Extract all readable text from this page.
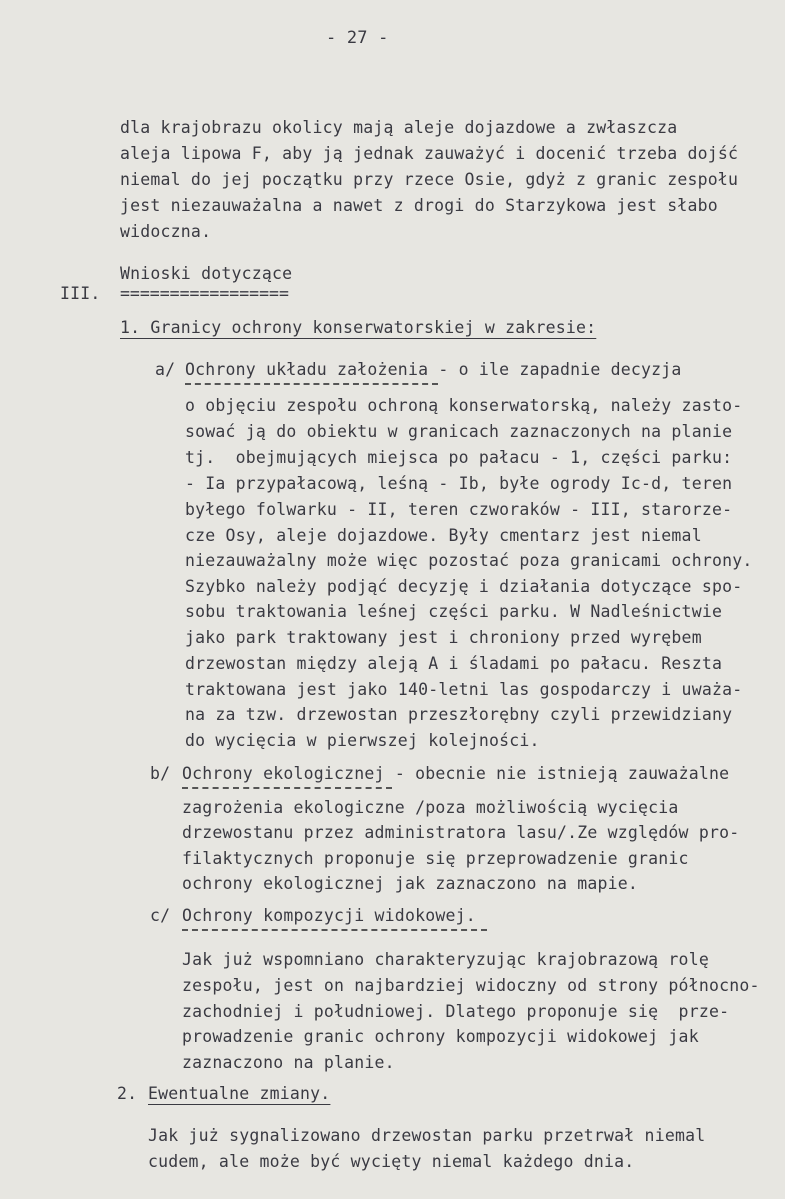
- 27 -
dla krajobrazu okolicy mają aleje dojazdowe a zwłaszcza
aleja lipowa F, aby ją jednak zauważyć i docenić trzeba dojść
niemal do jej początku przy rzece Osie, gdyż z granic zespołu
jest niezauważalna a nawet z drogi do Starzykowa jest słabo
widoczna.
Wnioski dotyczące
III. =================
1. Granicy ochrony konserwatorskiej w zakresie:
a/ Ochrony układu założenia - o ile zapadnie decyzja
o objęciu zespołu ochroną konserwatorską, należy zasto-
sować ją do obiektu w granicach zaznaczonych na planie
tj.  obejmujących miejsca po pałacu - 1, części parku:
- Ia przypałacową, leśną - Ib, byłe ogrody Ic-d, teren
byłego folwarku - II, teren czworaków - III, starorze-
cze Osy, aleje dojazdowe. Były cmentarz jest niemal
niezauważalny może więc pozostać poza granicami ochrony.
Szybko należy podjąć decyzję i działania dotyczące spo-
sobu traktowania leśnej części parku. W Nadleśnictwie
jako park traktowany jest i chroniony przed wyrębem
drzewostan między aleją A i śladami po pałacu. Reszta
traktowana jest jako 140-letni las gospodarczy i uważa-
na za tzw. drzewostan przeszłorębny czyli przewidziany
do wycięcia w pierwszej kolejności.
b/ Ochrony ekologicznej - obecnie nie istnieją zauważalne
zagrożenia ekologiczne /poza możliwością wycięcia
drzewostanu przez administratora lasu/.Ze względów pro-
filaktycznych proponuje się przeprowadzenie granic
ochrony ekologicznej jak zaznaczono na mapie.
c/ Ochrony kompozycji widokowej.
Jak już wspomniano charakteryzując krajobrazową rolę
zespołu, jest on najbardziej widoczny od strony północno-
zachodniej i południowej. Dlatego proponuje się  prze-
prowadzenie granic ochrony kompozycji widokowej jak
zaznaczono na planie.
2. Ewentualne zmiany.
Jak już sygnalizowano drzewostan parku przetrwał niemal
cudem, ale może być wycięty niemal każdego dnia.
